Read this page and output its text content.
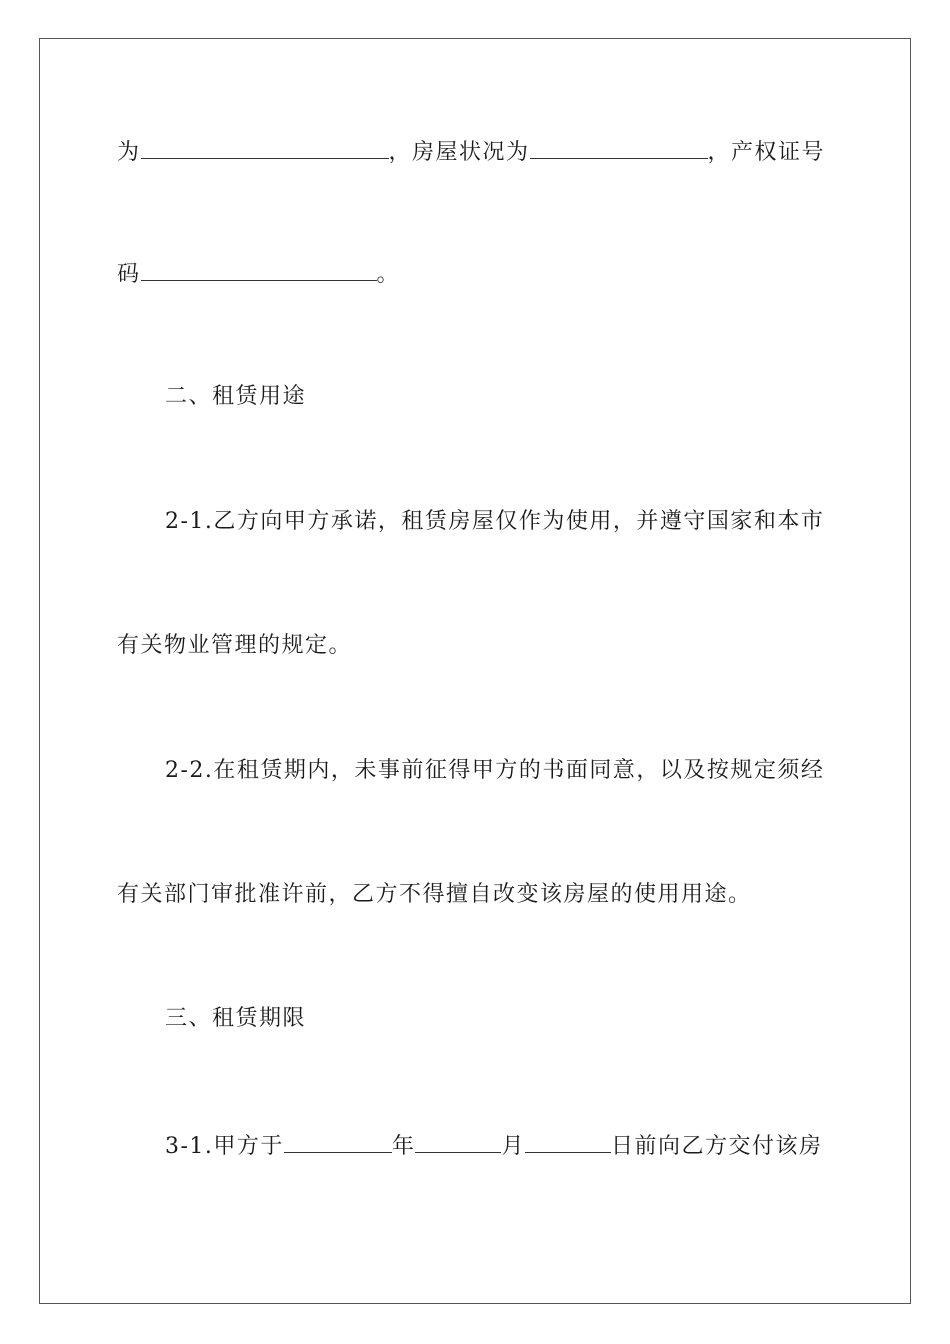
为	，房屋状况为	，产权证号
码	。
二、租赁用途
2-1.乙方向甲方承诺，租赁房屋仅作为使用，并遵守国家和本市
有关物业管理的规定。
2-2.在租赁期内，未事前征得甲方的书面同意，以及按规定须经
有关部门审批准许前，乙方不得擅自改变该房屋的使用用途。
三、租赁期限
3-1.甲方于	年	月	日前向乙方交付该房
